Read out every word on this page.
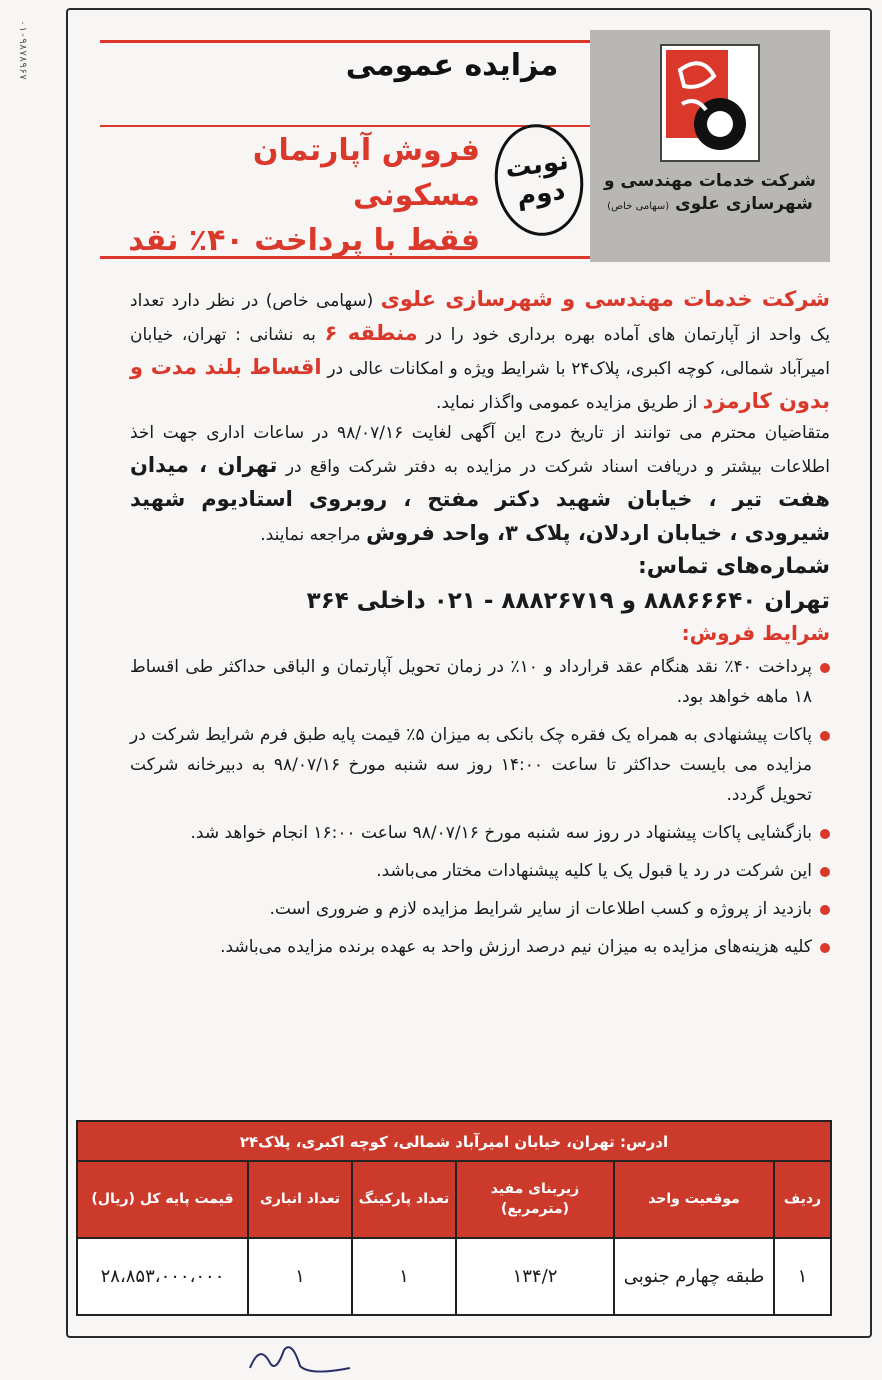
۰۱-۹۸۷۸۹۶۷	مزایده عمومی
فروش آپارتمان مسکونی
فقط با پرداخت ۴۰٪ نقد
نوبت
دوم	شرکت خدمات مهندسی و
شهرسازی علوی (سهامی خاص)

شرکت خدمات مهندسی و شهرسازی علوی (سهامی خاص) در نظر دارد تعداد یک واحد از آپارتمان های آماده بهره برداری خود را در منطقه ۶ به نشانی : تهران، خیابان امیرآباد شمالی، کوچه اکبری، پلاک۲۴ با شرایط ویژه و امکانات عالی در اقساط بلند مدت و بدون کارمزد از طریق مزایده عمومی واگذار نماید.

متقاضیان محترم می توانند از تاریخ درج این آگهی لغایت ۹۸/۰۷/۱۶ در ساعات اداری جهت اخذ اطلاعات بیشتر و دریافت اسناد شرکت در مزایده به دفتر شرکت واقع در تهران ، میدان هفت تیر ، خیابان شهید دکتر مفتح ، روبروی استادیوم شهید شیرودی ، خیابان اردلان، پلاک ۳، واحد فروش مراجعه نمایند.

شماره‌های تماس:
تهران ۸۸۸۶۶۶۴۰ و ۸۸۸۲۶۷۱۹ - ۰۲۱ داخلی ۳۶۴
شرایط فروش:
پرداخت ۴۰٪ نقد هنگام عقد قرارداد و ۱۰٪ در زمان تحویل آپارتمان و الباقی حداکثر طی اقساط ۱۸ ماهه خواهد بود.
پاکات پیشنهادی به همراه یک فقره چک بانکی به میزان ۵٪ قیمت پایه طبق فرم شرایط شرکت در مزایده می بایست حداکثر تا ساعت ۱۴:۰۰ روز سه شنبه مورخ ۹۸/۰۷/۱۶ به دبیرخانه شرکت تحویل گردد.
بازگشایی پاکات پیشنهاد در روز سه شنبه مورخ ۹۸/۰۷/۱۶ ساعت ۱۶:۰۰ انجام خواهد شد.
این شرکت در رد یا قبول یک یا کلیه پیشنهادات مختار می‌باشد.
بازدید از پروژه و کسب اطلاعات از سایر شرایط مزایده لازم و ضروری است.
کلیه هزینه‌های مزایده به میزان نیم درصد ارزش واحد به عهده برنده مزایده می‌باشد.
ادرس: تهران، خیابان امیرآباد شمالی، کوچه اکبری، پلاک۲۴
ردیف	موقعیت واحد	زیربنای مفید (مترمربع)	تعداد پارکینگ	تعداد انباری	قیمت پایه کل (ریال)
۱	طبقه چهارم جنوبی	۱۳۴/۲	۱	۱	۲۸،۸۵۳،۰۰۰،۰۰۰
